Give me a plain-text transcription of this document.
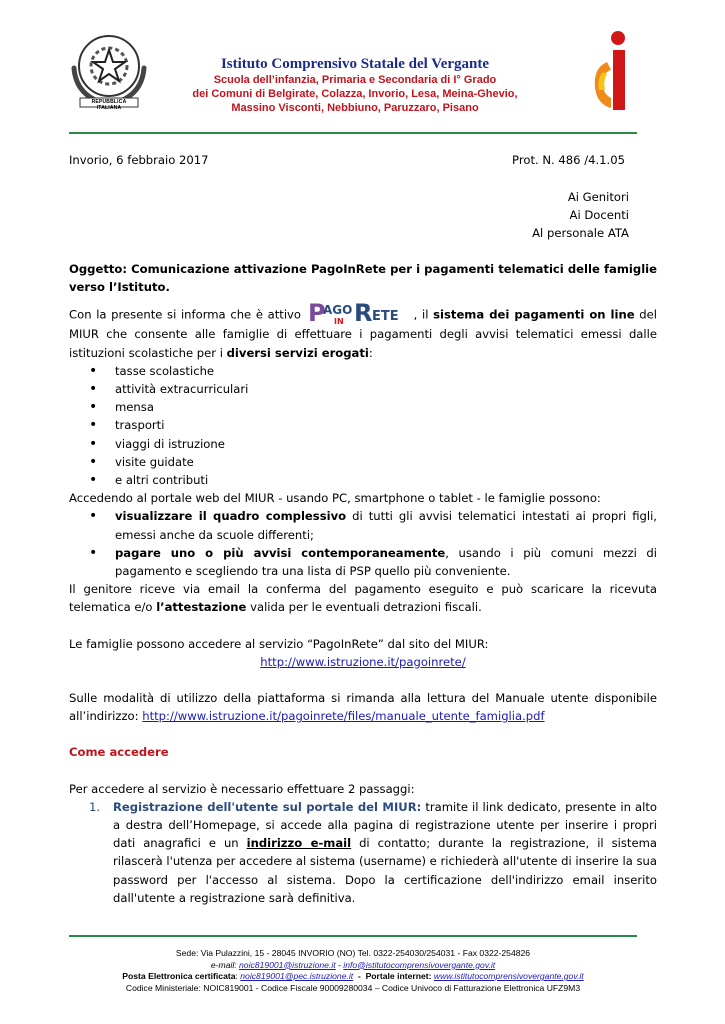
REPUBBLICA ITALIANA
Istituto Comprensivo Statale del Vergante
Scuola dell’infanzia, Primaria e Secondaria di I° Grado
dei Comuni di Belgirate, Colazza, Invorio, Lesa, Meina-Ghevio,
Massino Visconti, Nebbiuno, Paruzzaro, Pisano
Invorio, 6 febbraio 2017	Prot. N. 486 /4.1.05
Ai Genitori
Ai Docenti
Al personale ATA

Oggetto: Comunicazione attivazione PagoInRete per i pagamenti telematici delle famiglie verso l’Istituto.

Con la presente si informa che è attivo P
AGO
IN R ETE , il sistema dei pagamenti on line del MIUR che consente alle famiglie di effettuare i pagamenti degli avvisi telematici emessi dalle istituzioni scolastiche per i diversi servizi erogati:

• tasse scolastiche
• attività extracurriculari
• mensa
• trasporti
• viaggi di istruzione
• visite guidate
• e altri contributi

Accedendo al portale web del MIUR - usando PC, smartphone o tablet - le famiglie possono:

• visualizzare il quadro complessivo di tutti gli avvisi telematici intestati ai propri figli, emessi anche da scuole differenti;
• pagare uno o più avvisi contemporaneamente, usando i più comuni mezzi di pagamento e scegliendo tra una lista di PSP quello più conveniente.

Il genitore riceve via email la conferma del pagamento eseguito e può scaricare la ricevuta telematica e/o l’attestazione valida per le eventuali detrazioni fiscali.

Le famiglie possono accedere al servizio “PagoInRete” dal sito del MIUR:

http://www.istruzione.it/pagoinrete/

Sulle modalità di utilizzo della piattaforma si rimanda alla lettura del Manuale utente disponibile all’indirizzo: http://www.istruzione.it/pagoinrete/files/manuale_utente_famiglia.pdf

Come accedere

Per accedere al servizio è necessario effettuare 2 passaggi:

1. Registrazione dell'utente sul portale del MIUR: tramite il link dedicato, presente in alto a destra dell’Homepage, si accede alla pagina di registrazione utente per inserire i propri dati anagrafici e un indirizzo e-mail di contatto; durante la registrazione, il sistema rilascerà l'utenza per accedere al sistema (username) e richiederà all'utente di inserire la sua password per l'accesso al sistema. Dopo la certificazione dell'indirizzo email inserito dall'utente a registrazione sarà definitiva.
Sede: Via Pulazzini, 15 - 28045 INVORIO (NO) Tel. 0322-254030/254031 - Fax 0322-254826
e-mail: noic819001@istruzione.it - info@istitutocomprensivovergante.gov.it
Posta Elettronica certificata: noic819001@pec.istruzione.it  -  Portale internet: www.istitutocomprensivovergante.gov.it
Codice Ministeriale: NOIC819001 - Codice Fiscale 90009280034 – Codice Univoco di Fatturazione Elettronica UFZ9M3
